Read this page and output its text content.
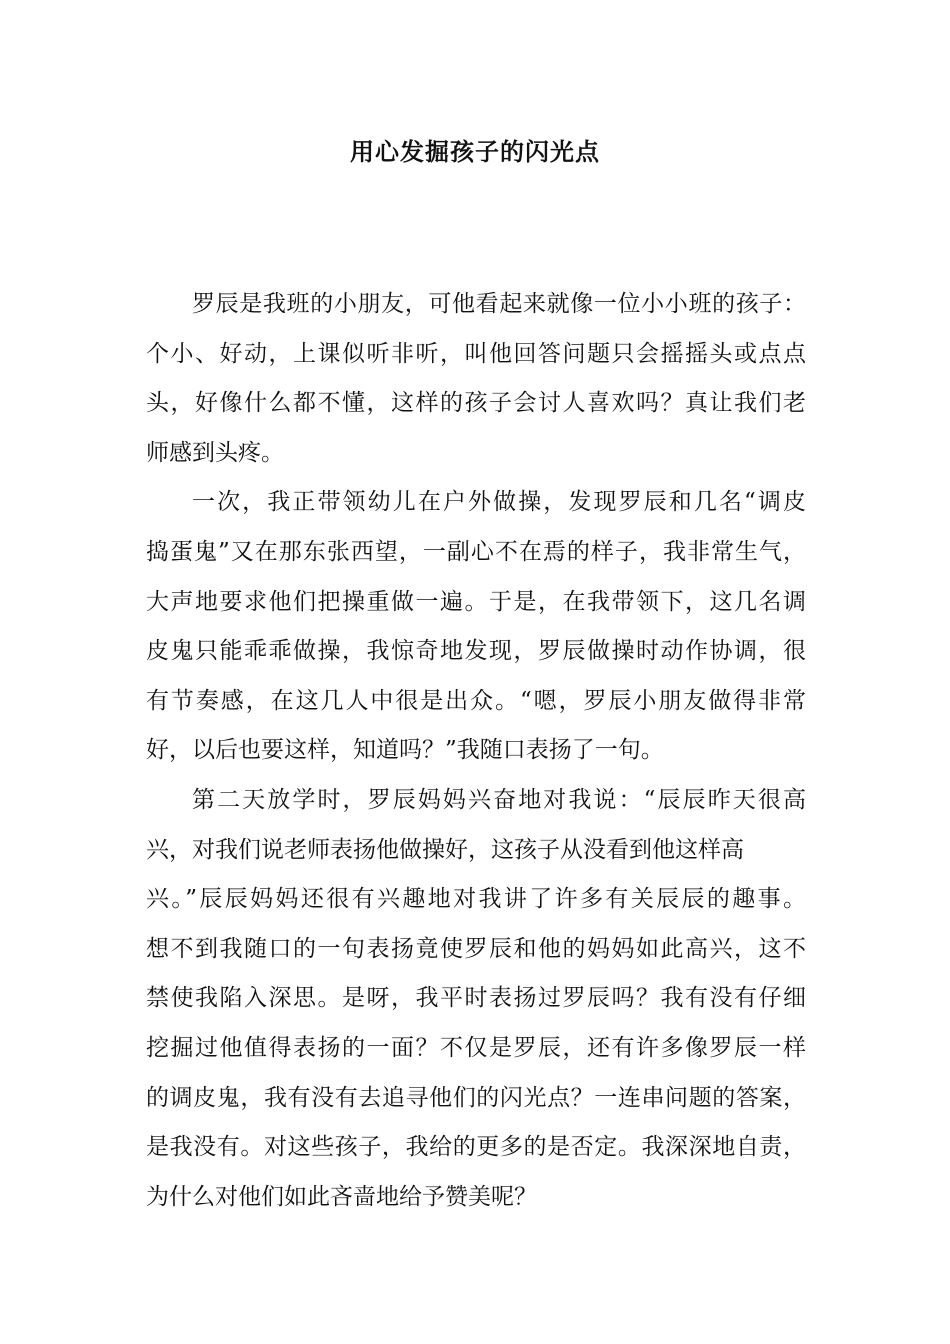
用心发掘孩子的闪光点
罗辰是我班的小朋友，可他看起来就像一位小小班的孩子：
个小、好动，上课似听非听，叫他回答问题只会摇摇头或点点
头，好像什么都不懂，这样的孩子会讨人喜欢吗？真让我们老
师感到头疼。
一次，我正带领幼儿在户外做操，发现罗辰和几名“调皮
捣蛋鬼”又在那东张西望，一副心不在焉的样子，我非常生气，
大声地要求他们把操重做一遍。于是，在我带领下，这几名调
皮鬼只能乖乖做操，我惊奇地发现，罗辰做操时动作协调，很
有节奏感，在这几人中很是出众。“嗯，罗辰小朋友做得非常
好，以后也要这样，知道吗？”我随口表扬了一句。
第二天放学时，罗辰妈妈兴奋地对我说：“辰辰昨天很高
兴，对我们说老师表扬他做操好，这孩子从没看到他这样高
兴。”辰辰妈妈还很有兴趣地对我讲了许多有关辰辰的趣事。
想不到我随口的一句表扬竟使罗辰和他的妈妈如此高兴，这不
禁使我陷入深思。是呀，我平时表扬过罗辰吗？我有没有仔细
挖掘过他值得表扬的一面？不仅是罗辰，还有许多像罗辰一样
的调皮鬼，我有没有去追寻他们的闪光点？一连串问题的答案，
是我没有。对这些孩子，我给的更多的是否定。我深深地自责，
为什么对他们如此吝啬地给予赞美呢？
